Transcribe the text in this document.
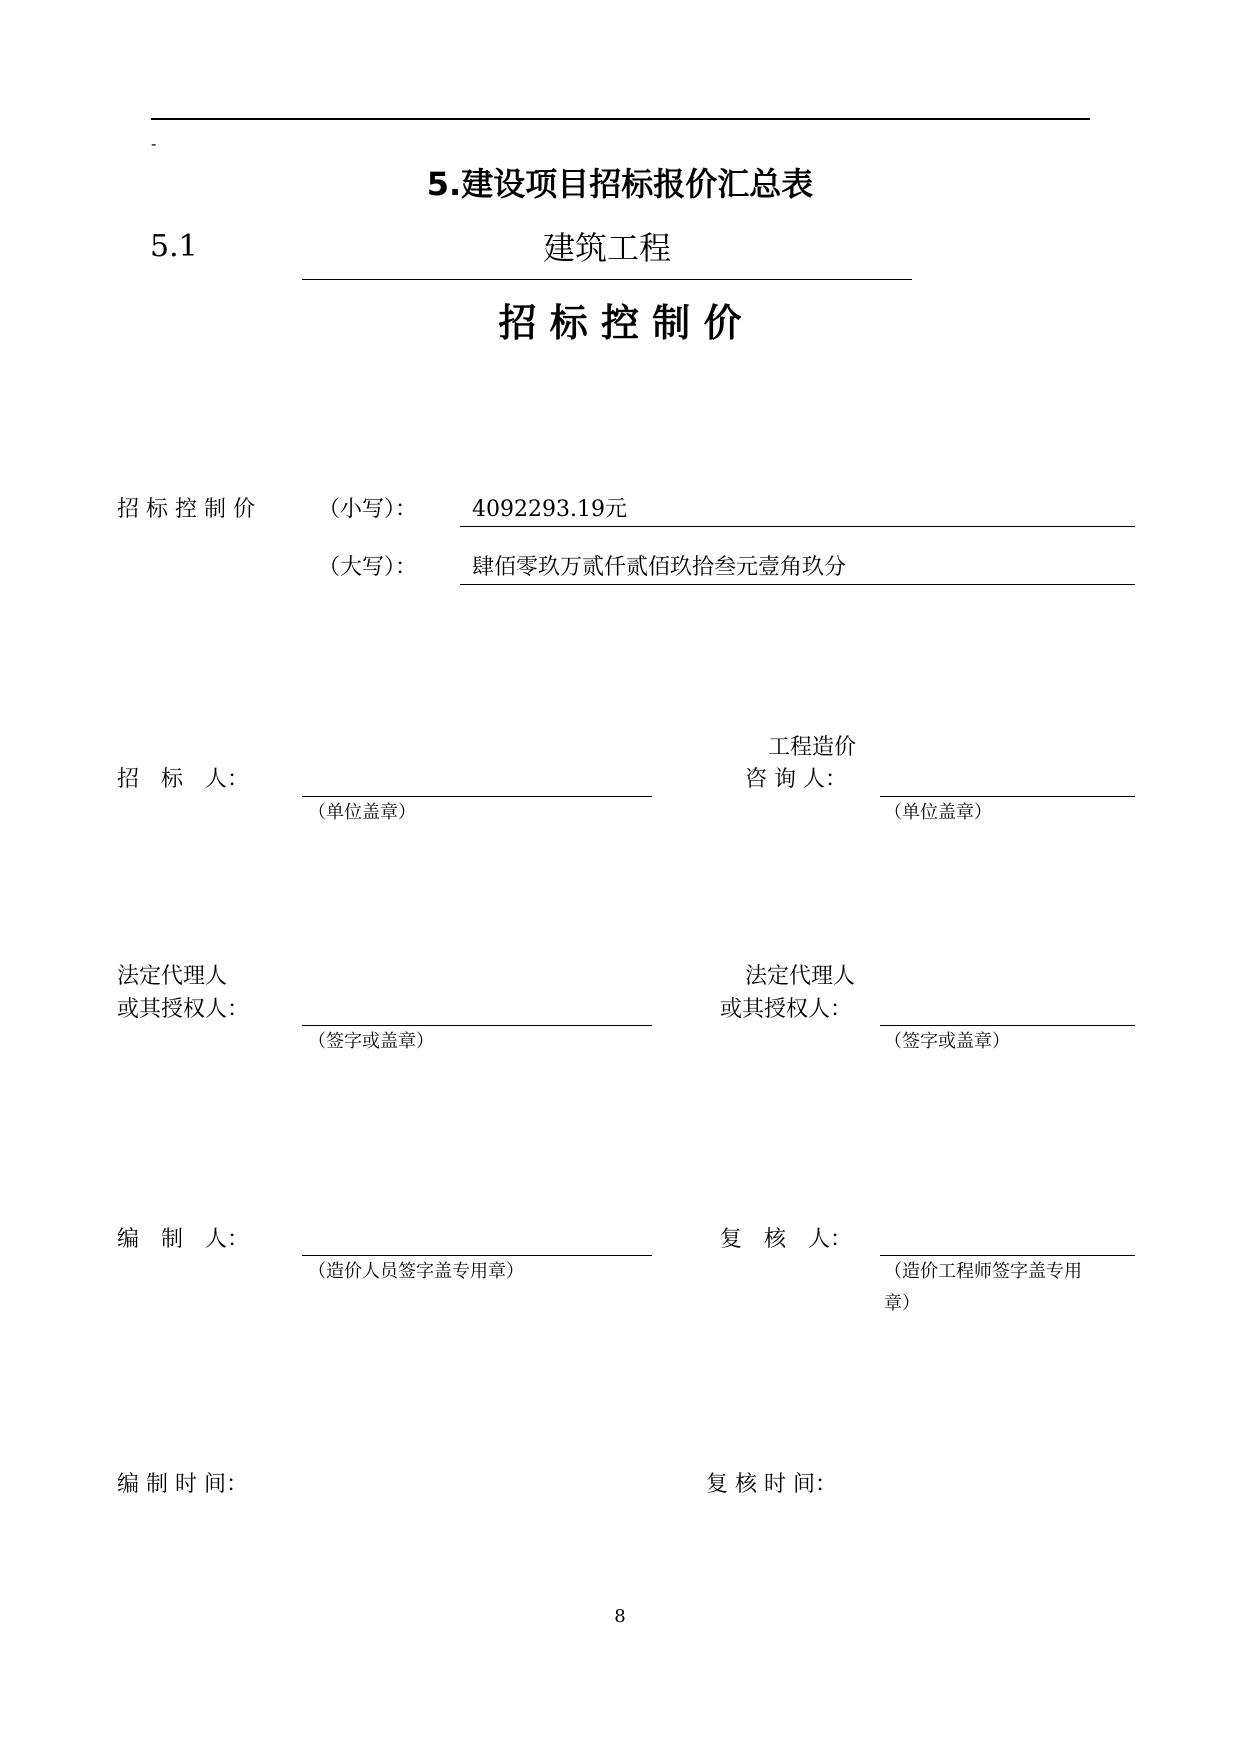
-
5.建设项目招标报价汇总表
5.1	建筑工程
招 标 控 制 价
招 标 控 制 价	（小写）： 4092293.19元
（大写）： 肆佰零玖万贰仟贰佰玖拾叁元壹角玖分
招　标　人：
（单位盖章）
工程造价
咨 询 人：
（单位盖章）
法定代理人
或其授权人：
（签字或盖章）
法定代理人
或其授权人：
（签字或盖章）
编　制　人：
（造价人员签字盖专用章）
复　核　人：
（造价工程师签字盖专用
章）
编 制 时 间：	复 核 时 间：
8
